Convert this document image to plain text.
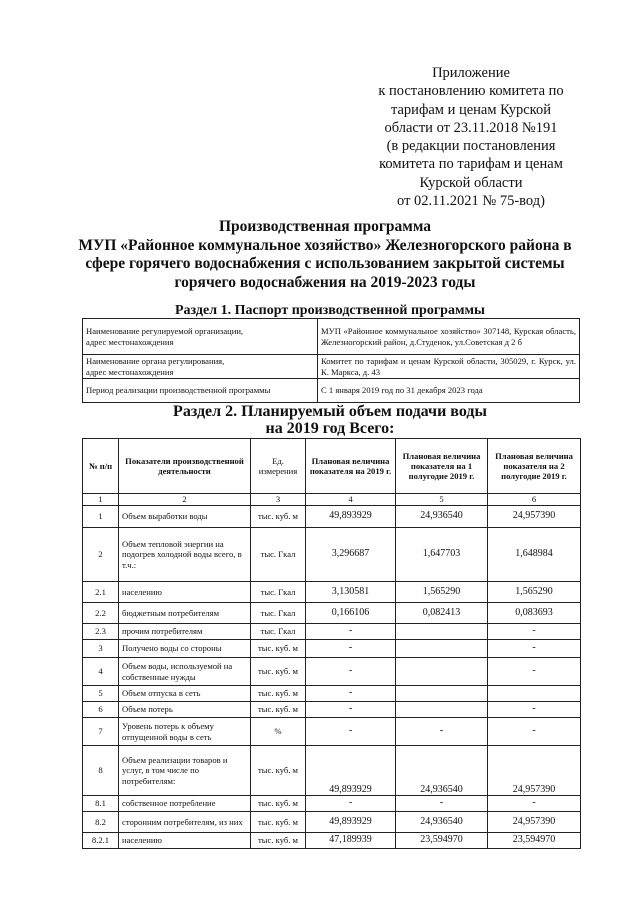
Приложение
к постановлению комитета по
тарифам и ценам Курской
области от 23.11.2018 №191
(в редакции постановления
комитета по тарифам и ценам
Курской области
от 02.11.2021 № 75-вод)
Производственная программа
МУП «Районное коммунальное хозяйство» Железногорского района в
сфере горячего водоснабжения с использованием закрытой системы
горячего водоснабжения на 2019-2023 годы
Раздел 1. Паспорт производственной программы
Наименование регулируемой организации,
адрес местонахождения	МУП «Районное коммунальное хозяйство» 307148, Курская область, Железногорский район, д.Студенок, ул.Советская д 2 б

Наименование органа регулирования,
адрес местонахождения	Комитет по тарифам и ценам Курской области, 305029, г. Курск, ул. К. Маркса, д. 43

Период реализации производственной программы	С 1 января 2019 год по 31 декабря 2023 года
Раздел 2. Планируемый объем подачи воды
на 2019 год Всего:
№ п/п	Показатели производственной деятельности	Ед. измерения	Плановая величина показателя на 2019 г.	Плановая величина показателя на 1 полугодие 2019 г.	Плановая величина показателя на 2 полугодие 2019 г.
1	2	3	4	5	6
1	Объем выработки воды	тыс. куб. м	49,893929	24,936540	24,957390
2	Объем тепловой энергии на подогрев холодной воды всего, в т.ч.:	тыс. Гкал	3,296687	1,647703	1,648984
2.1	населению	тыс. Гкал	3,130581	1,565290	1,565290
2.2	бюджетным потребителям	тыс. Гкал	0,166106	0,082413	0,083693
2.3	прочим потребителям	тыс. Гкал	-		-
3	Получено воды со стороны	тыс. куб. м	-		-
4	Объем воды, используемой на собственные нужды	тыс. куб. м	-		-
5	Объем отпуска в сеть	тыс. куб. м	-		
6	Объем потерь	тыс. куб. м	-		-
7	Уровень потерь к объему отпущенной воды в сеть	%	-	-	-
8	Объем реализации товаров и услуг, в том числе по потребителям:	тыс. куб. м	49,893929	24,936540	24,957390
8.1	собственное потребление	тыс. куб. м	-	-	-
8.2	сторонним потребителям, из них	тыс. куб. м	49,893929	24,936540	24,957390
8.2.1	населению	тыс. куб. м	47,189939	23,594970	23,594970
